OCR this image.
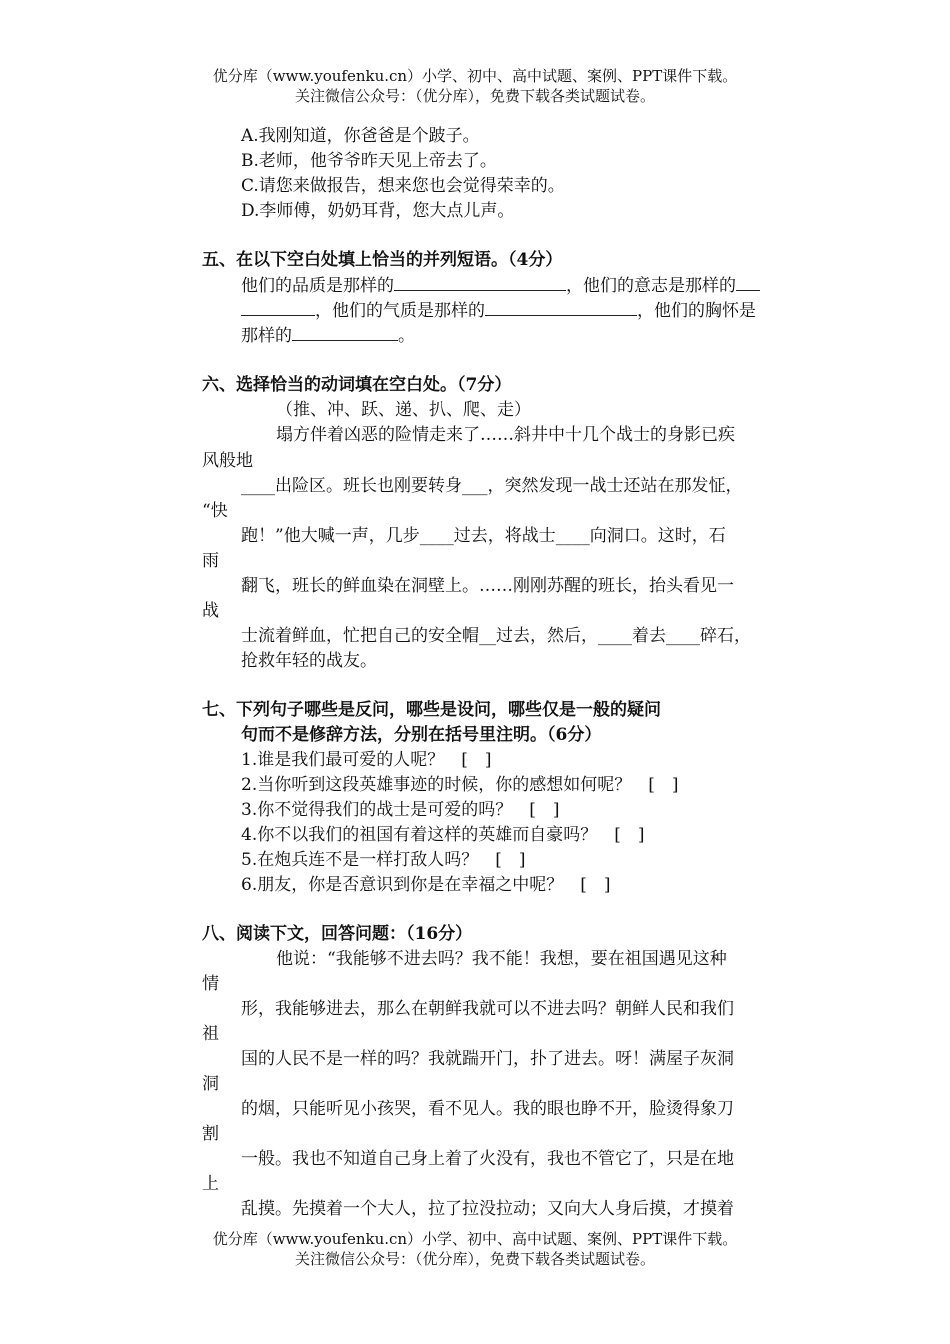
优分库（www.youfenku.cn）小学、初中、高中试题、案例、PPT课件下载。
关注微信公众号：（优分库），免费下载各类试题试卷。
A.我刚知道，你爸爸是个跛子。
B.老师，他爷爷昨天见上帝去了。
C.请您来做报告，想来您也会觉得荣幸的。
D.李师傅，奶奶耳背，您大点儿声。
五、在以下空白处填上恰当的并列短语。（4分）
他们的品质是那样的	，他们的意志是那样的
，他们的气质是那样的	，他们的胸怀是
那样的	。
六、选择恰当的动词填在空白处。（7分）
（推、冲、跃、递、扒、爬、走）
塌方伴着凶恶的险情走来了……斜井中十几个战士的身影已疾
风般地
____出险区。班长也刚要转身___，突然发现一战士还站在那发怔，
“快
跑！”他大喊一声，几步____过去，将战士____向洞口。这时，石
雨
翻飞，班长的鲜血染在洞壁上。……刚刚苏醒的班长，抬头看见一
战
士流着鲜血，忙把自己的安全帽__过去，然后，____着去____碎石，
抢救年轻的战友。
七、下列句子哪些是反问，哪些是设问，哪些仅是一般的疑问
句而不是修辞方法，分别在括号里注明。（6分）
1.谁是我们最可爱的人呢？　[　]
2.当你听到这段英雄事迹的时候，你的感想如何呢？　[　]
3.你不觉得我们的战士是可爱的吗？　[　]
4.你不以我们的祖国有着这样的英雄而自豪吗？　[　]
5.在炮兵连不是一样打敌人吗？　[　]
6.朋友，你是否意识到你是在幸福之中呢？　[　]
八、阅读下文，回答问题：（16分）
他说：“我能够不进去吗？我不能！我想，要在祖国遇见这种
情
形，我能够进去，那么在朝鲜我就可以不进去吗？朝鲜人民和我们
祖
国的人民不是一样的吗？我就踹开门，扑了进去。呀！满屋子灰洞
洞
的烟，只能听见小孩哭，看不见人。我的眼也睁不开，脸烫得象刀
割
一般。我也不知道自己身上着了火没有，我也不管它了，只是在地
上
乱摸。先摸着一个大人，拉了拉没拉动；又向大人身后摸，才摸着
优分库（www.youfenku.cn）小学、初中、高中试题、案例、PPT课件下载。
关注微信公众号：（优分库），免费下载各类试题试卷。
